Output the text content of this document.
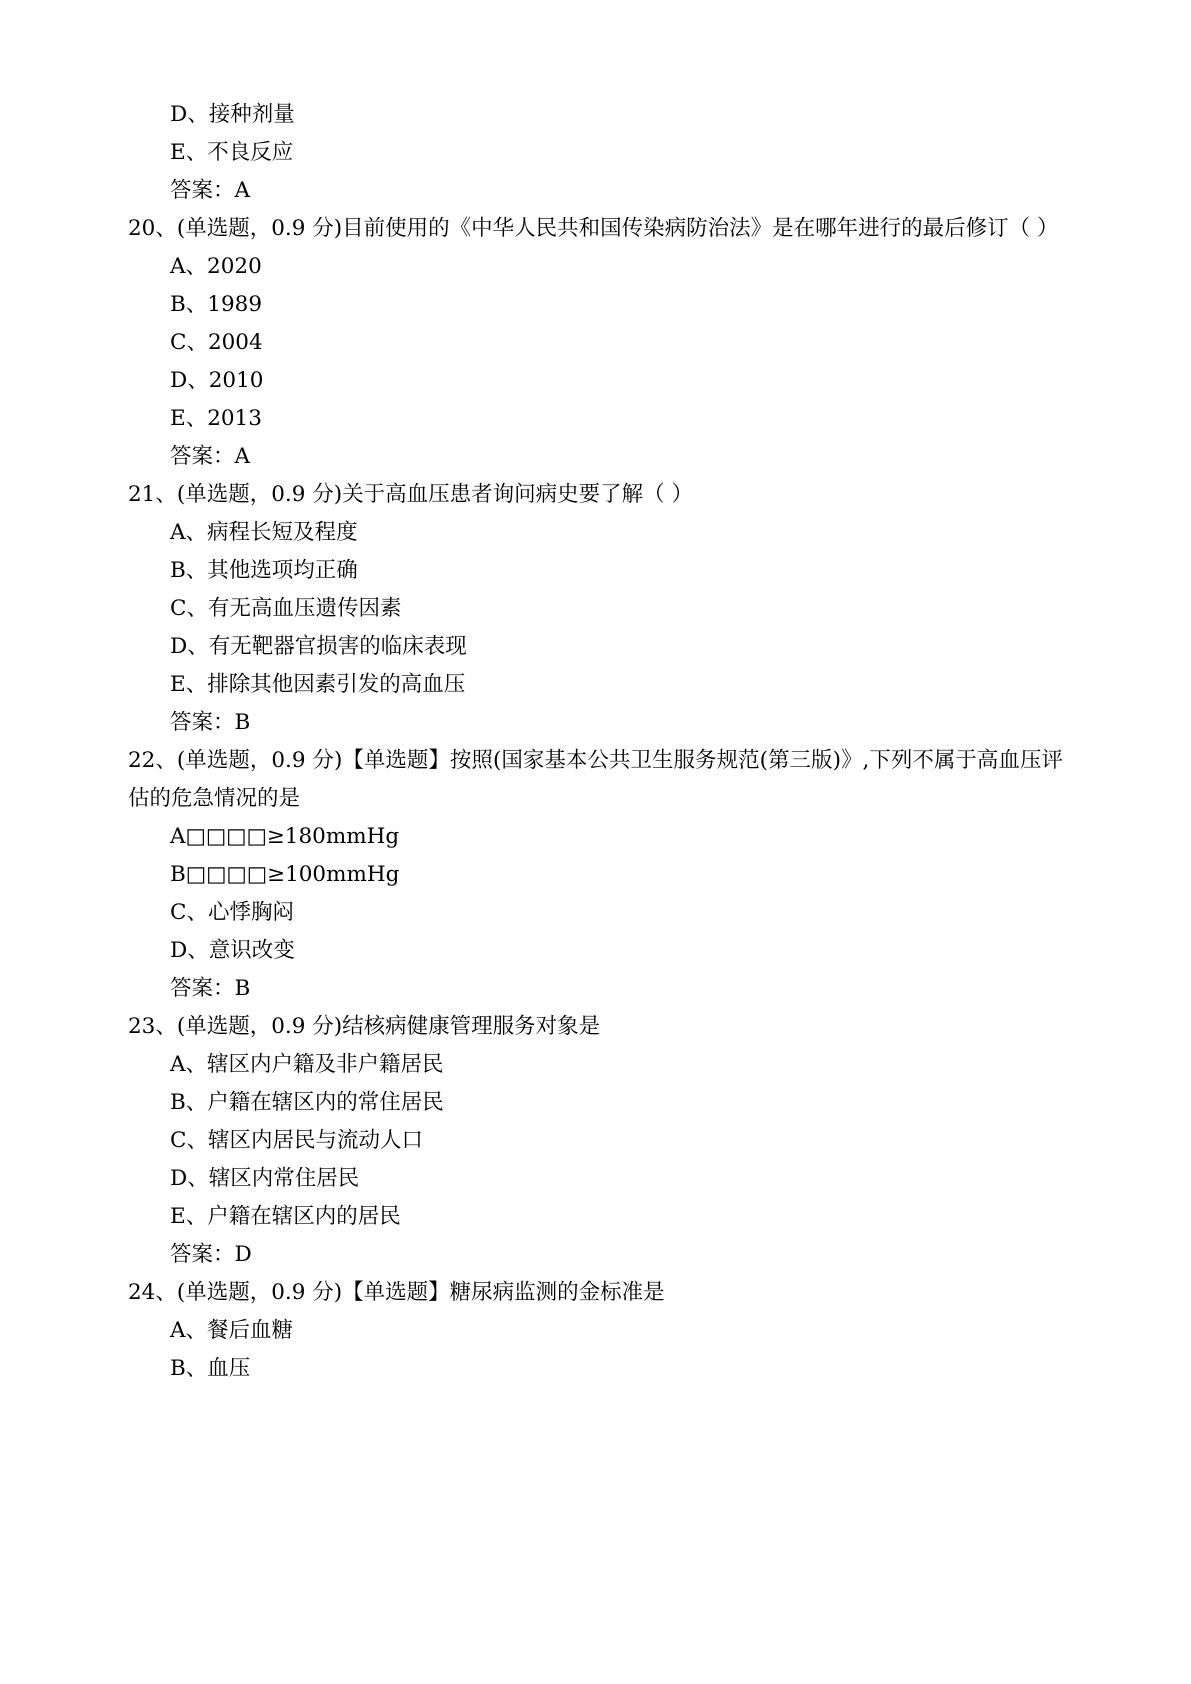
D、接种剂量

E、不良反应

答案：A

20、(单选题，0.9 分)目前使用的《中华人民共和国传染病防治法》是在哪年进行的最后修订（ ）

A、2020

B、1989

C、2004

D、2010

E、2013

答案：A

21、(单选题，0.9 分)关于高血压患者询问病史要了解（ ）

A、病程长短及程度

B、其他选项均正确

C、有无高血压遗传因素

D、有无靶器官损害的临床表现

E、排除其他因素引发的高血压

答案：B

22、(单选题，0.9 分)【单选题】按照(国家基本公共卫生服务规范(第三版)》,下列不属于高血压评估的危急情况的是

A□□□□≥180mmHg

B□□□□≥100mmHg

C、心悸胸闷

D、意识改变

答案：B

23、(单选题，0.9 分)结核病健康管理服务对象是

A、辖区内户籍及非户籍居民

B、户籍在辖区内的常住居民

C、辖区内居民与流动人口

D、辖区内常住居民

E、户籍在辖区内的居民

答案：D

24、(单选题，0.9 分)【单选题】糖尿病监测的金标准是

A、餐后血糖

B、血压
